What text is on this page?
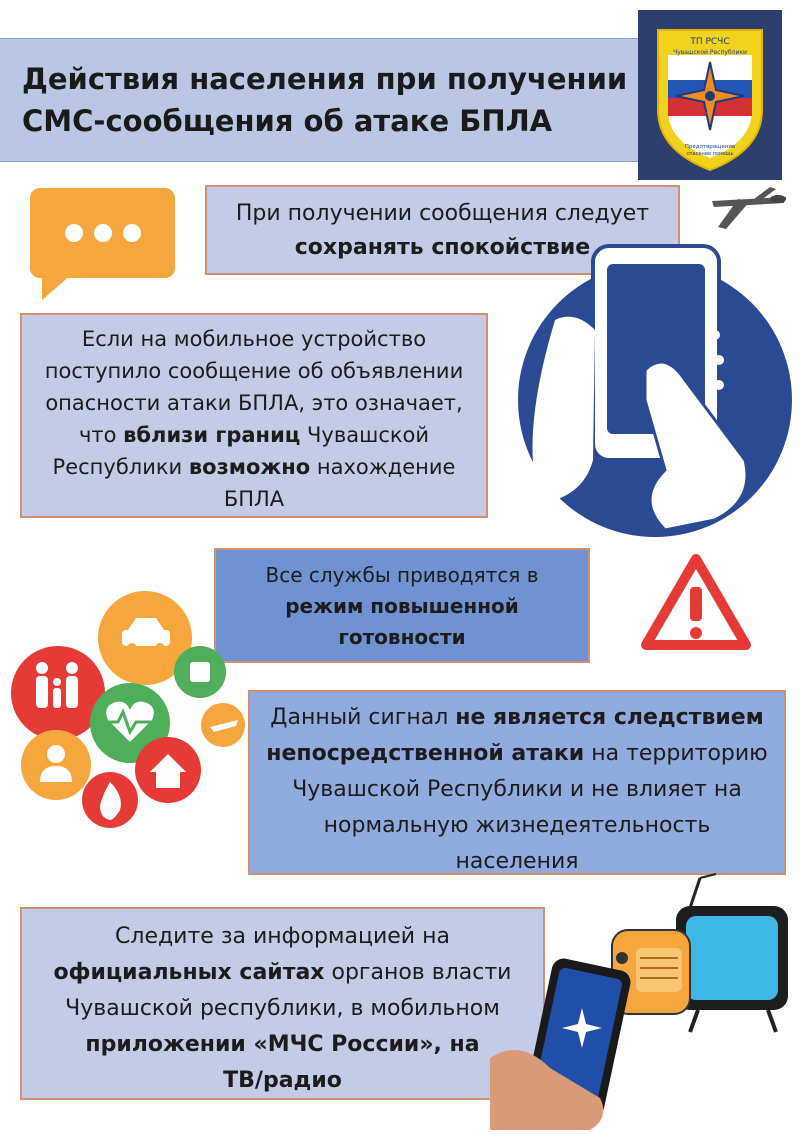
Действия населения при получении
СМС-сообщения об атаке БПЛА
ТП РСЧС
Чувашской Республики
Предотвращение
спасение помощь
При получении сообщения следует
сохранять спокойствие
Если на мобильное устройство
поступило сообщение об объявлении
опасности атаки БПЛА, это означает,
что вблизи границ Чувашской
Республики возможно нахождение
БПЛА
Все службы приводятся в
режим повышенной
готовности
Данный сигнал не является следствием
непосредственной атаки на территорию
Чувашской Республики и не влияет на
нормальную жизнедеятельность
населения
Следите за информацией на
официальных сайтах органов власти
Чувашской республики, в мобильном
приложении «МЧС России», на
ТВ/радио
